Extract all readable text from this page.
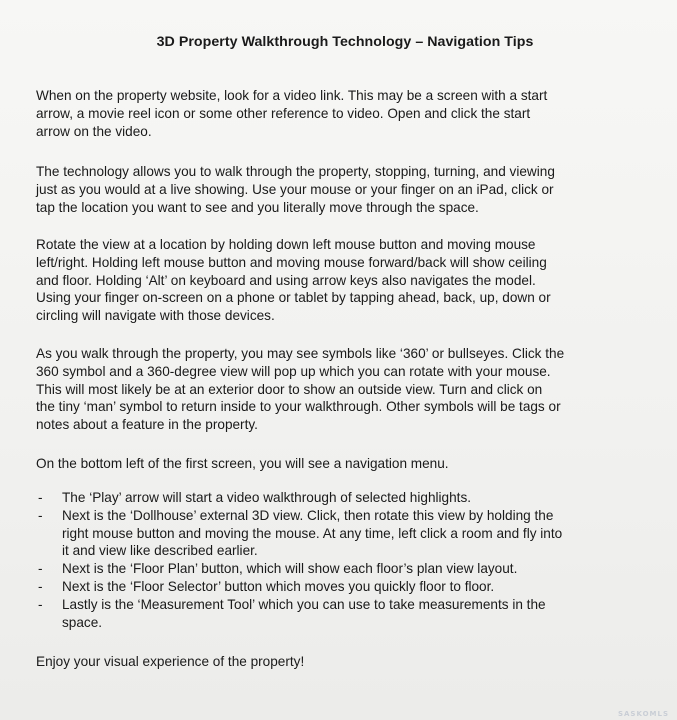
3D Property Walkthrough Technology – Navigation Tips
When on the property website, look for a video link. This may be a screen with a start
arrow, a movie reel icon or some other reference to video. Open and click the start
arrow on the video.
The technology allows you to walk through the property, stopping, turning, and viewing
just as you would at a live showing. Use your mouse or your finger on an iPad, click or
tap the location you want to see and you literally move through the space.
Rotate the view at a location by holding down left mouse button and moving mouse
left/right. Holding left mouse button and moving mouse forward/back will show ceiling
and floor. Holding ‘Alt’ on keyboard and using arrow keys also navigates the model.
Using your finger on-screen on a phone or tablet by tapping ahead, back, up, down or
circling will navigate with those devices.
As you walk through the property, you may see symbols like ‘360’ or bullseyes. Click the
360 symbol and a 360-degree view will pop up which you can rotate with your mouse.
This will most likely be at an exterior door to show an outside view. Turn and click on
the tiny ‘man’ symbol to return inside to your walkthrough. Other symbols will be tags or
notes about a feature in the property.
On the bottom left of the first screen, you will see a navigation menu.
- The ‘Play’ arrow will start a video walkthrough of selected highlights.
- Next is the ‘Dollhouse’ external 3D view. Click, then rotate this view by holding the
right mouse button and moving the mouse. At any time, left click a room and fly into
it and view like described earlier.
- Next is the ‘Floor Plan’ button, which will show each floor’s plan view layout.
- Next is the ‘Floor Selector’ button which moves you quickly floor to floor.
- Lastly is the ‘Measurement Tool’ which you can use to take measurements in the
space.
Enjoy your visual experience of the property!
SASKOMLS
